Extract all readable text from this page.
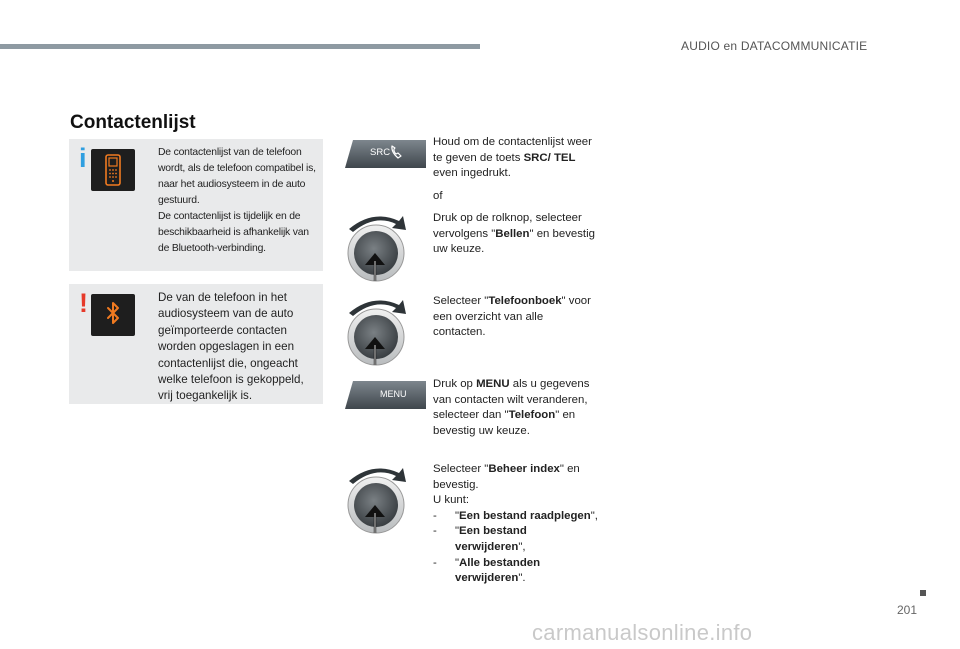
AUDIO en DATACOMMUNICATIE
Contactenlijst
i	De contactenlijst van de telefoon wordt, als de telefoon compatibel is, naar het audiosysteem in de auto gestuurd.

De contactenlijst is tijdelijk en de beschikbaarheid is afhankelijk van de Bluetooth-verbinding.

!	De van de telefoon in het audiosysteem van de auto geïmporteerde contacten worden opgeslagen in een contactenlijst die, ongeacht welke telefoon is gekoppeld, vrij toegankelijk is.
SRC
MENU
Houd om de contactenlijst weer te geven de toets SRC/ TEL even ingedrukt.
of
Druk op de rolknop, selecteer vervolgens "Bellen" en bevestig uw keuze.
Selecteer "Telefoonboek" voor een overzicht van alle contacten.
Druk op MENU als u gegevens van contacten wilt veranderen, selecteer dan "Telefoon" en bevestig uw keuze.
Selecteer "Beheer index" en bevestig.
U kunt:
- "Een bestand raadplegen",
- "Een bestand verwijderen",
- "Alle bestanden verwijderen".
201
carmanualsonline.info
